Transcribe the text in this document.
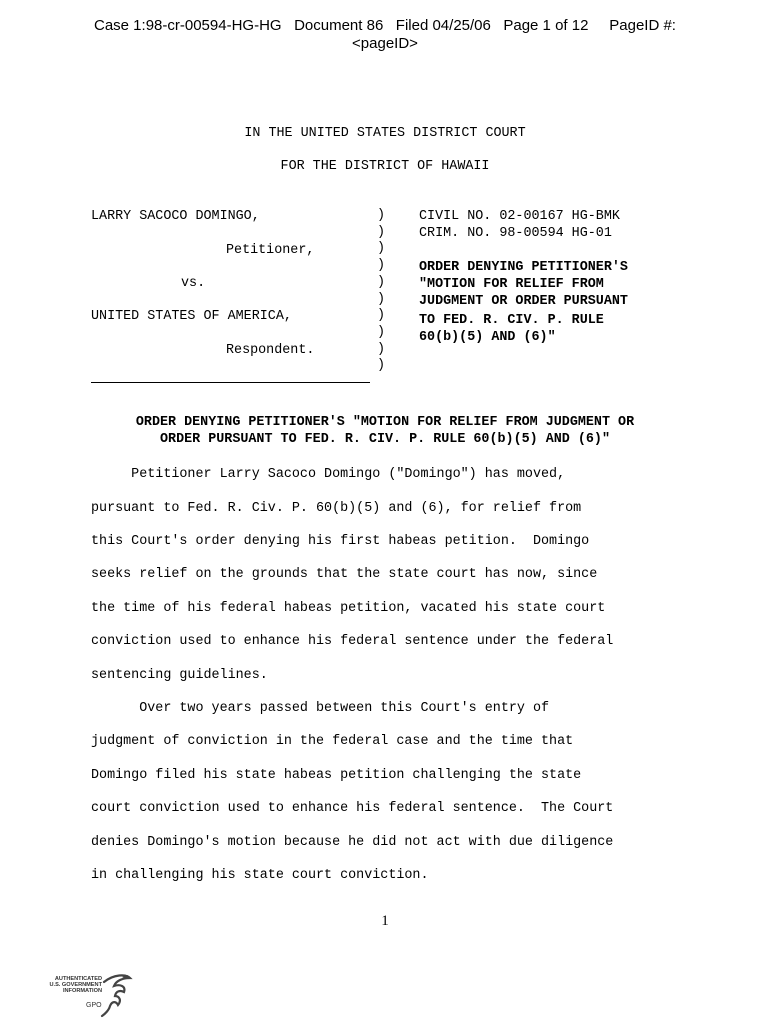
Case 1:98-cr-00594-HG-HG   Document 86   Filed 04/25/06   Page 1 of 12     PageID #:
<pageID>
IN THE UNITED STATES DISTRICT COURT
FOR THE DISTRICT OF HAWAII
LARRY SACOCO DOMINGO,
Petitioner,
vs.
UNITED STATES OF AMERICA,
Respondent.
)
)
)
)
)
)
)
)
)
)
CIVIL NO. 02-00167 HG-BMK
CRIM. NO. 98-00594 HG-01
ORDER DENYING PETITIONER'S
"MOTION FOR RELIEF FROM
JUDGMENT OR ORDER PURSUANT
TO FED. R. CIV. P. RULE
60(b)(5) AND (6)"
ORDER DENYING PETITIONER'S "MOTION FOR RELIEF FROM JUDGMENT OR
ORDER PURSUANT TO FED. R. CIV. P. RULE 60(b)(5) AND (6)"
Petitioner Larry Sacoco Domingo ("Domingo") has moved,
pursuant to Fed. R. Civ. P. 60(b)(5) and (6), for relief from
this Court's order denying his first habeas petition.  Domingo
seeks relief on the grounds that the state court has now, since
the time of his federal habeas petition, vacated his state court
conviction used to enhance his federal sentence under the federal
sentencing guidelines.
Over two years passed between this Court's entry of
judgment of conviction in the federal case and the time that
Domingo filed his state habeas petition challenging the state
court conviction used to enhance his federal sentence.  The Court
denies Domingo's motion because he did not act with due diligence
in challenging his state court conviction.
1
AUTHENTICATED
U.S. GOVERNMENT
INFORMATION
GPO
